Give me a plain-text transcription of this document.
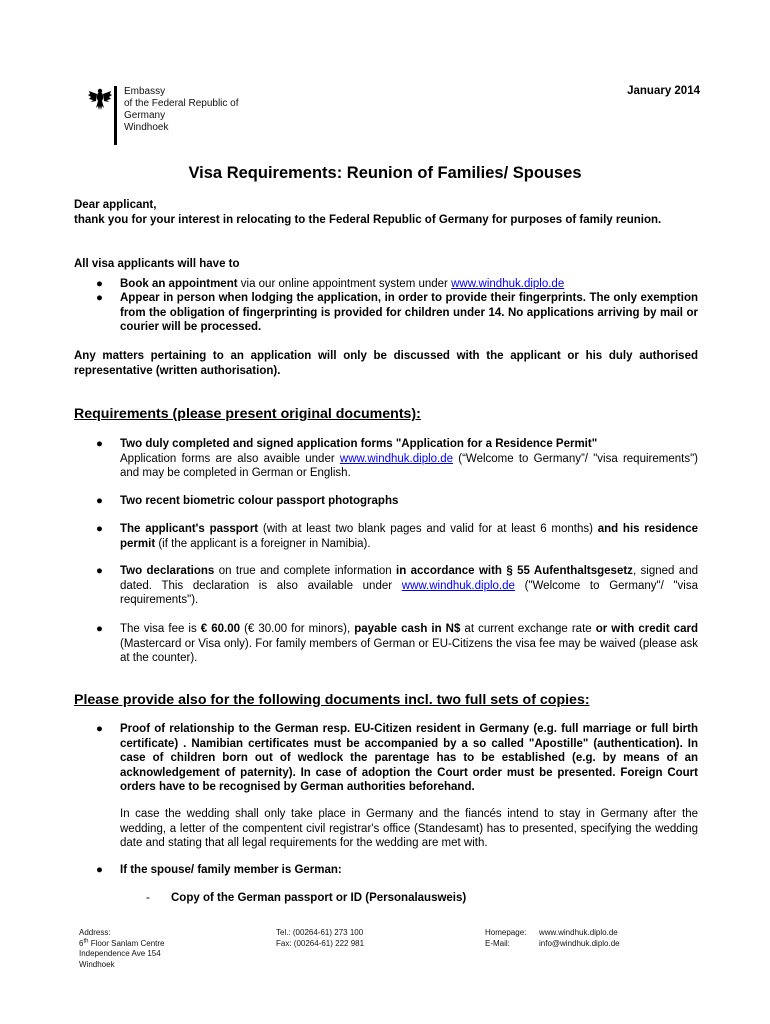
Embassy
of the Federal Republic of Germany
Windhoek
January 2014
Visa Requirements: Reunion of Families/ Spouses
Dear applicant,
thank you for your interest in relocating to the Federal Republic of Germany for purposes of family reunion.
All visa applicants will have to
● Book an appointment via our online appointment system under www.windhuk.diplo.de
● Appear in person when lodging the application, in order to provide their fingerprints. The only exemption from the obligation of fingerprinting is provided for children under 14. No applications arriving by mail or courier will be processed.
Any matters pertaining to an application will only be discussed with the applicant or his duly authorised representative (written authorisation).
Requirements (please present original documents):
● Two duly completed and signed application forms "Application for a Residence Permit"
Application forms are also avaible under www.windhuk.diplo.de (“Welcome to Germany”/ "visa requirements") and may be completed in German or English.
● Two recent biometric colour passport photographs
● The applicant's passport (with at least two blank pages and valid for at least 6 months) and his residence permit (if the applicant is a foreigner in Namibia).
● Two declarations on true and complete information in accordance with § 55 Aufenthaltsgesetz, signed and dated. This declaration is also available under www.windhuk.diplo.de ("Welcome to Germany"/ "visa requirements").
● The visa fee is € 60.00 (€ 30.00 for minors), payable cash in N$ at current exchange rate or with credit card (Mastercard or Visa only). For family members of German or EU-Citizens the visa fee may be waived (please ask at the counter).
Please provide also for the following documents incl. two full sets of copies:
● Proof of relationship to the German resp. EU-Citizen resident in Germany (e.g. full marriage or full birth certificate) . Namibian certificates must be accompanied by a so called "Apostille" (authentication). In case of children born out of wedlock the parentage has to be established (e.g. by means of an acknowledgement of paternity). In case of adoption the Court order must be presented. Foreign Court orders have to be recognised by German authorities beforehand.
In case the wedding shall only take place in Germany and the fiancés intend to stay in Germany after the wedding, a letter of the compentent civil registrar's office (Standesamt) has to presented, specifying the wedding date and stating that all legal requirements for the wedding are met with.
● If the spouse/ family member is German:
- Copy of the German passport or ID (Personalausweis)
Address:
6th Floor Sanlam Centre
Independence Ave 154
Windhoek
Tel.: (00264-61) 273 100
Fax: (00264-61) 222 981
Homepage: www.windhuk.diplo.de
E-Mail:	info@windhuk.diplo.de
